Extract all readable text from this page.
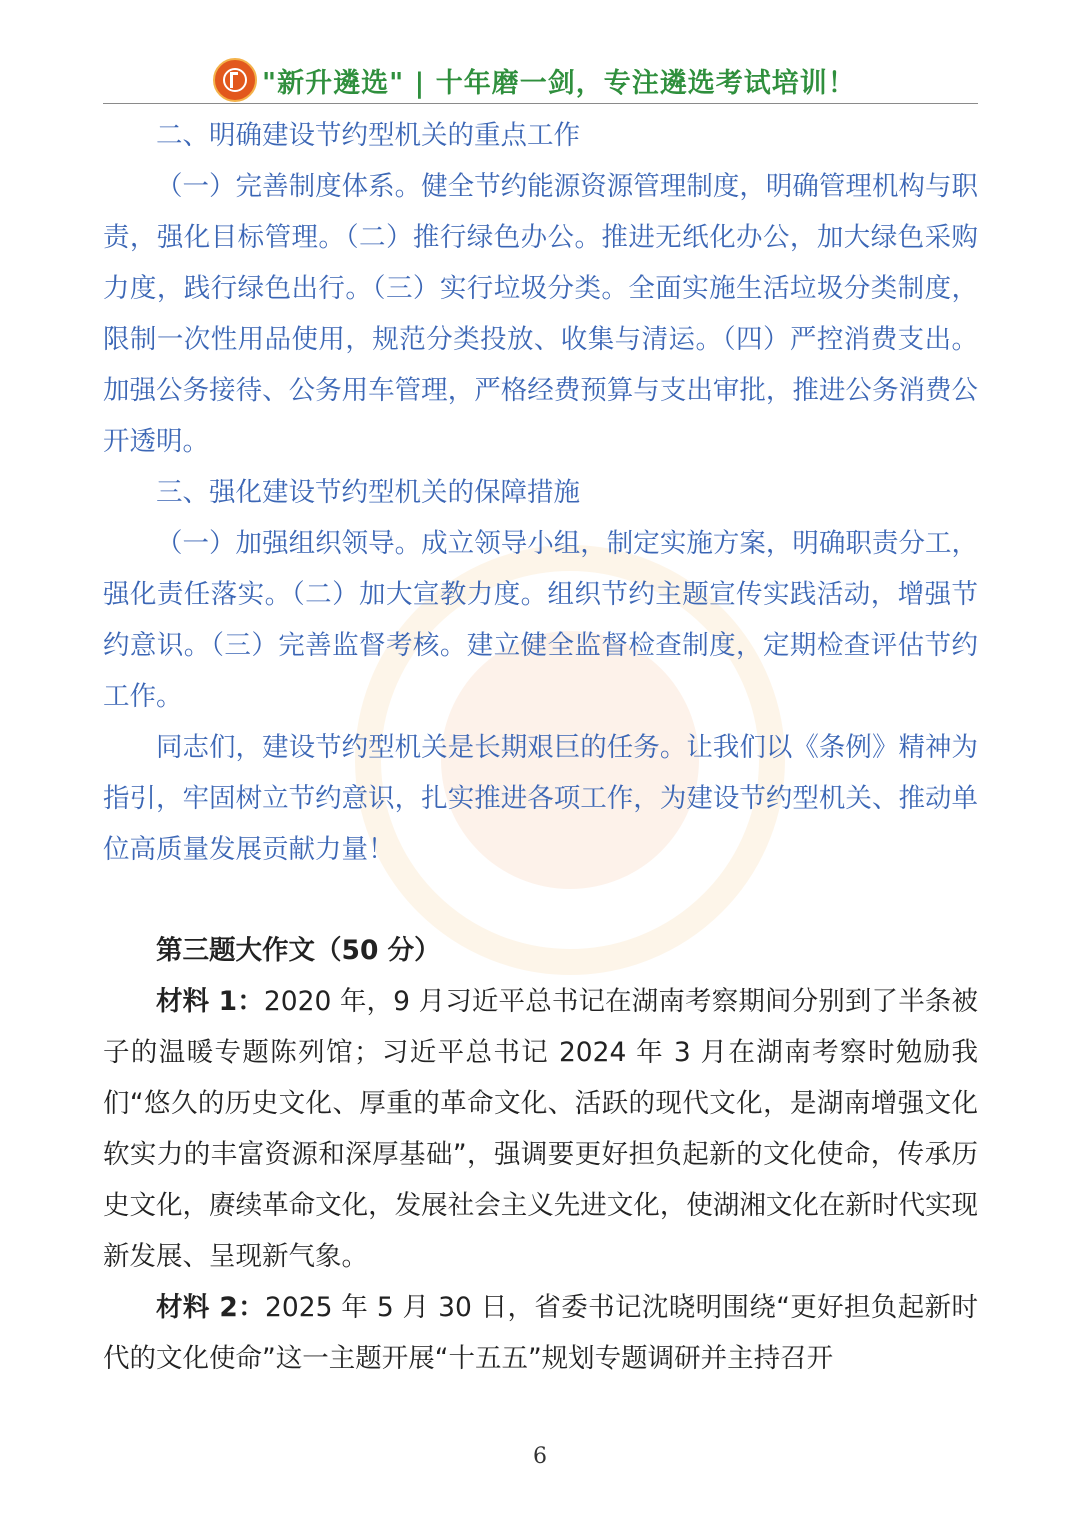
"新升遴选" | 十年磨一剑，专注遴选考试培训！

二、明确建设节约型机关的重点工作

（一）完善制度体系。健全节约能源资源管理制度，明确管理机构与职责，强化目标管理。（二）推行绿色办公。推进无纸化办公，加大绿色采购力度，践行绿色出行。（三）实行垃圾分类。全面实施生活垃圾分类制度，限制一次性用品使用，规范分类投放、收集与清运。（四）严控消费支出。加强公务接待、公务用车管理，严格经费预算与支出审批，推进公务消费公开透明。

三、强化建设节约型机关的保障措施

（一）加强组织领导。成立领导小组，制定实施方案，明确职责分工，强化责任落实。（二）加大宣教力度。组织节约主题宣传实践活动，增强节约意识。（三）完善监督考核。建立健全监督检查制度，定期检查评估节约工作。

同志们，建设节约型机关是长期艰巨的任务。让我们以《条例》精神为指引，牢固树立节约意识，扎实推进各项工作，为建设节约型机关、推动单位高质量发展贡献力量！

第三题大作文（50 分）

材料 1：2020 年，9 月习近平总书记在湖南考察期间分别到了半条被子的温暖专题陈列馆；习近平总书记 2024 年 3 月在湖南考察时勉励我们“悠久的历史文化、厚重的革命文化、活跃的现代文化，是湖南增强文化软实力的丰富资源和深厚基础”，强调要更好担负起新的文化使命，传承历史文化，赓续革命文化，发展社会主义先进文化，使湖湘文化在新时代实现新发展、呈现新气象。

材料 2：2025 年 5 月 30 日，省委书记沈晓明围绕“更好担负起新时代的文化使命”这一主题开展“十五五”规划专题调研并主持召开

6
